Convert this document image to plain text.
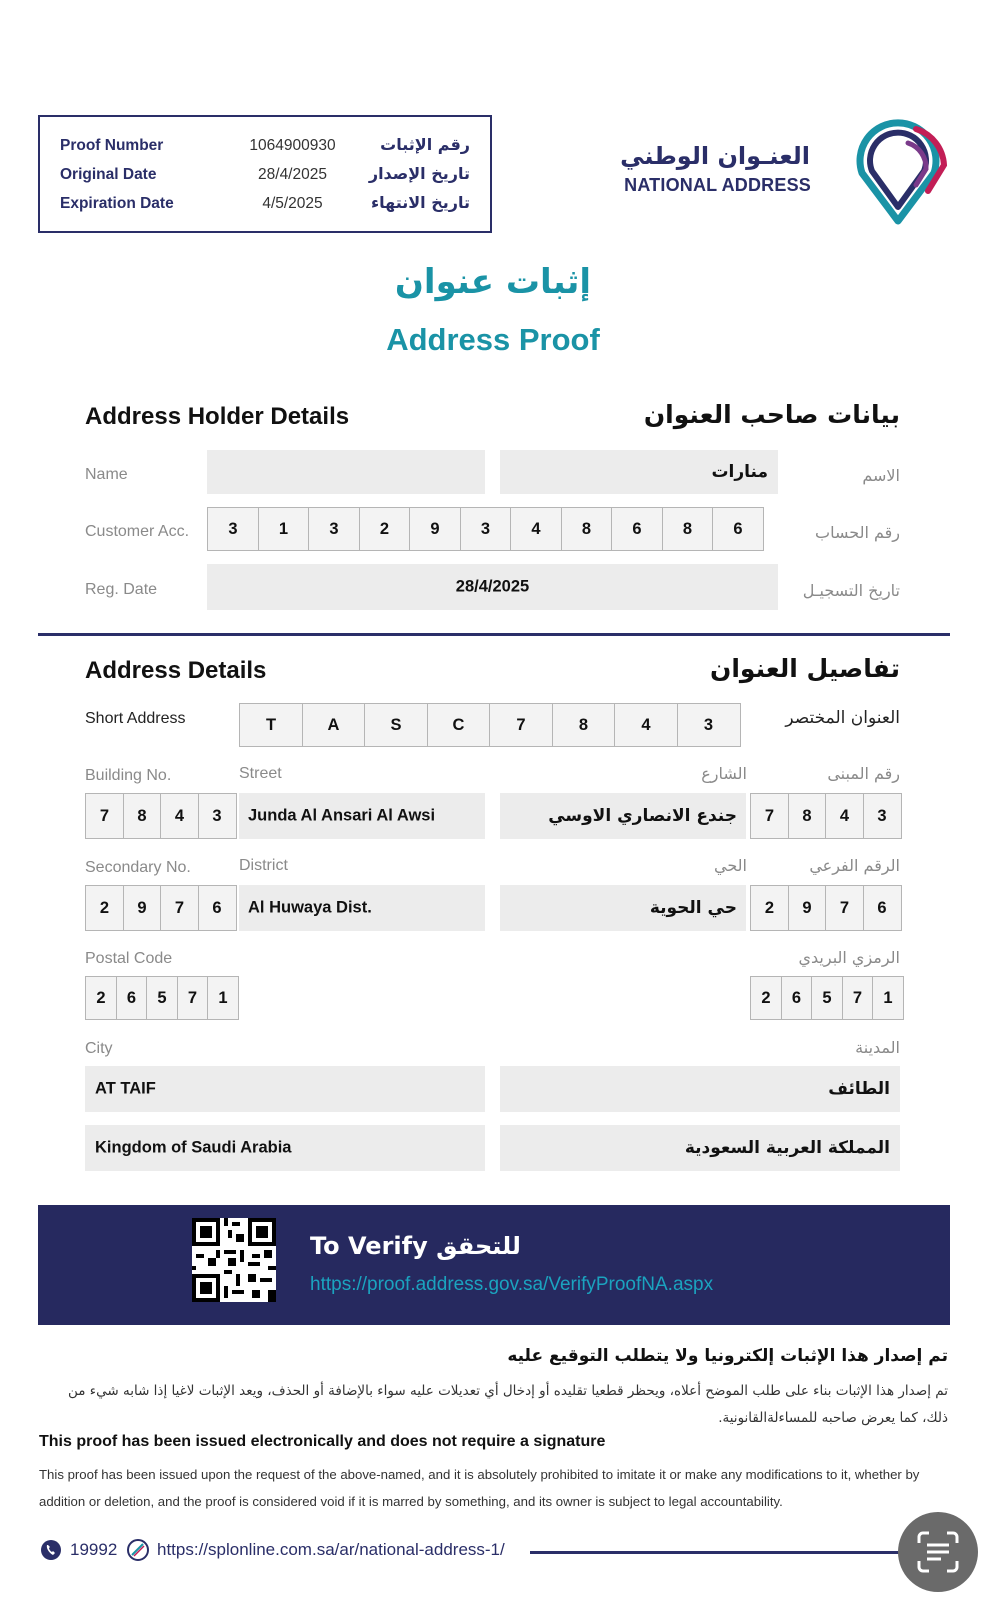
Proof Number	1064900930	رقم الإثبات
Original Date	28/4/2025	تاريخ الإصدار
Expiration Date	4/5/2025	تاريخ الانتهاء
العنـوان الوطني
NATIONAL ADDRESS
إثبات عنوان
Address Proof
Address Holder Details	بيانات صاحب العنوان
Name	منارات	الاسم
Customer Acc.	3	1	3	2	9	3	4	8	6	8	6	رقم الحساب
Reg. Date	28/4/2025	تاريخ التسجيـل
Address Details	تفاصيل العنوان
Short Address	T	A	S	C	7	8	4	3	العنوان المختصر
Building No.	Street	الشارع	رقم المبنى
7	8	4	3	Junda Al Ansari Al Awsi	جندع الانصاري الاوسي	7	8	4	3
Secondary No.	District	الحي	الرقم الفرعي
2	9	7	6	Al Huwaya Dist.	حي الحوية	2	9	7	6
Postal Code	الرمزي البريدي
2	6	5	7	1	2	6	5	7	1
City	المدينة
AT TAIF	الطائف
Kingdom of Saudi Arabia	المملكة العربية السعودية
To Verify للتحقق
https://proof.address.gov.sa/VerifyProofNA.aspx
تم إصدار هذا الإثبات إلكترونيا ولا يتطلب التوقيع عليه
تم إصدار هذا الإثبات بناء على طلب الموضح أعلاه، ويحظر قطعيا تقليده أو إدخال أي تعديلات عليه سواء بالإضافة أو الحذف، ويعد الإثبات لاغيا إذا شابه شيء من ذلك، كما يعرض صاحبه للمساءلةالقانونية.
This proof has been issued electronically and does not require a signature
This proof has been issued upon the request of the above-named, and it is absolutely prohibited to imitate it or make any modifications to it, whether by addition or deletion, and the proof is considered void if it is marred by something, and its owner is subject to legal accountability.
19992 https://splonline.com.sa/ar/national-address-1/
